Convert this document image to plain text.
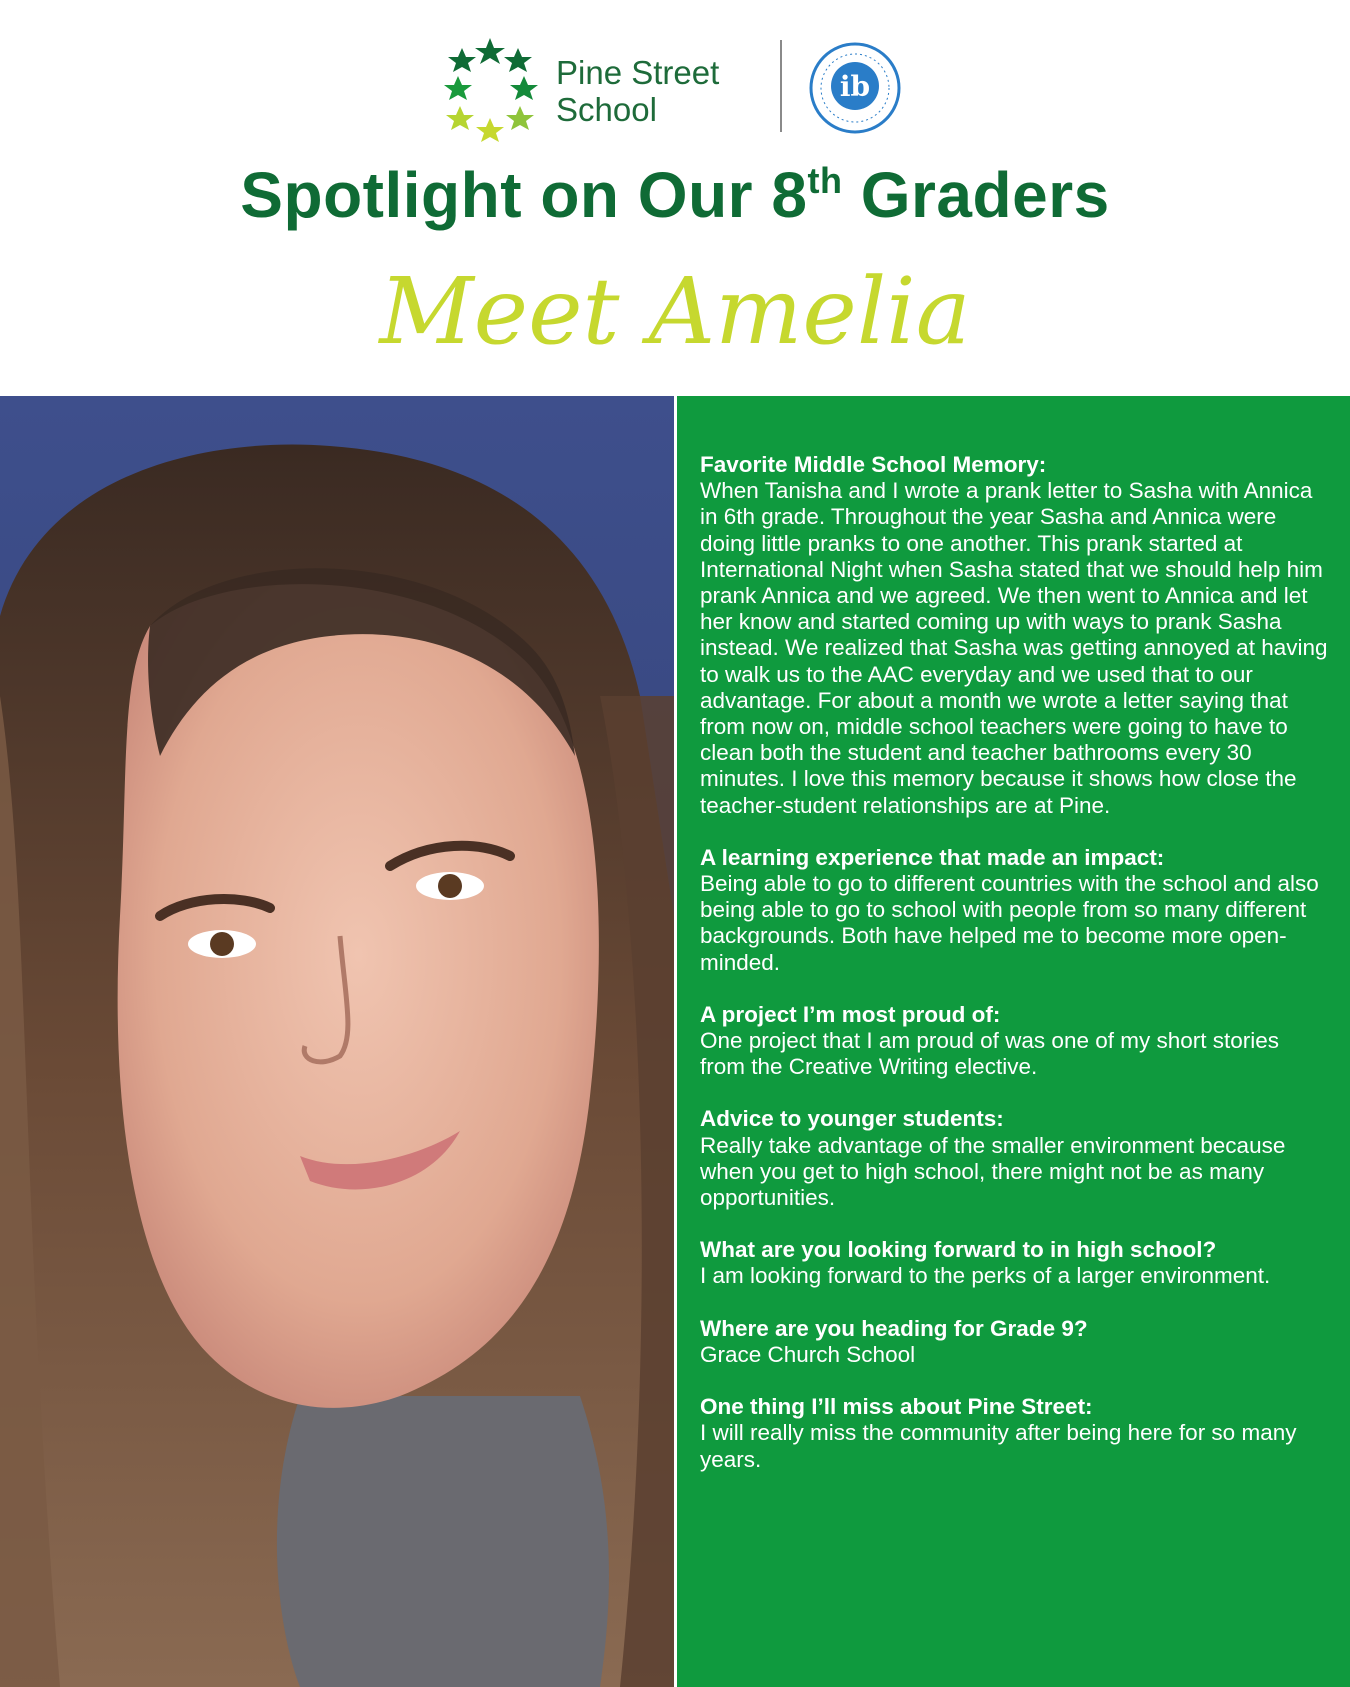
Pine Street
School
ib
Spotlight on Our 8th Graders
Meet Amelia
Favorite Middle School Memory:
When Tanisha and I wrote a prank letter to Sasha with Annica in 6th grade. Throughout the year Sasha and Annica were doing little pranks to one another. This prank started at International Night when Sasha stated that we should help him prank Annica and we agreed. We then went to Annica and let her know and started coming up with ways to prank Sasha instead. We realized that Sasha was getting annoyed at having to walk us to the AAC everyday and we used that to our advantage. For about a month we wrote a letter saying that from now on, middle school teachers were going to have to clean both the student and teacher bathrooms every 30 minutes. I love this memory because it shows how close the teacher-student relationships are at Pine.
A learning experience that made an impact:
Being able to go to different countries with the school and also being able to go to school with people from so many different backgrounds. Both have helped me to become more open-minded.
A project I’m most proud of:
One project that I am proud of was one of my short stories from the Creative Writing elective.
Advice to younger students:
Really take advantage of the smaller environment because when you get to high school, there might not be as many opportunities.
What are you looking forward to in high school?
I am looking forward to the perks of a larger environment.
Where are you heading for Grade 9?
Grace Church School
One thing I’ll miss about Pine Street:
I will really miss the community after being here for so many years.
